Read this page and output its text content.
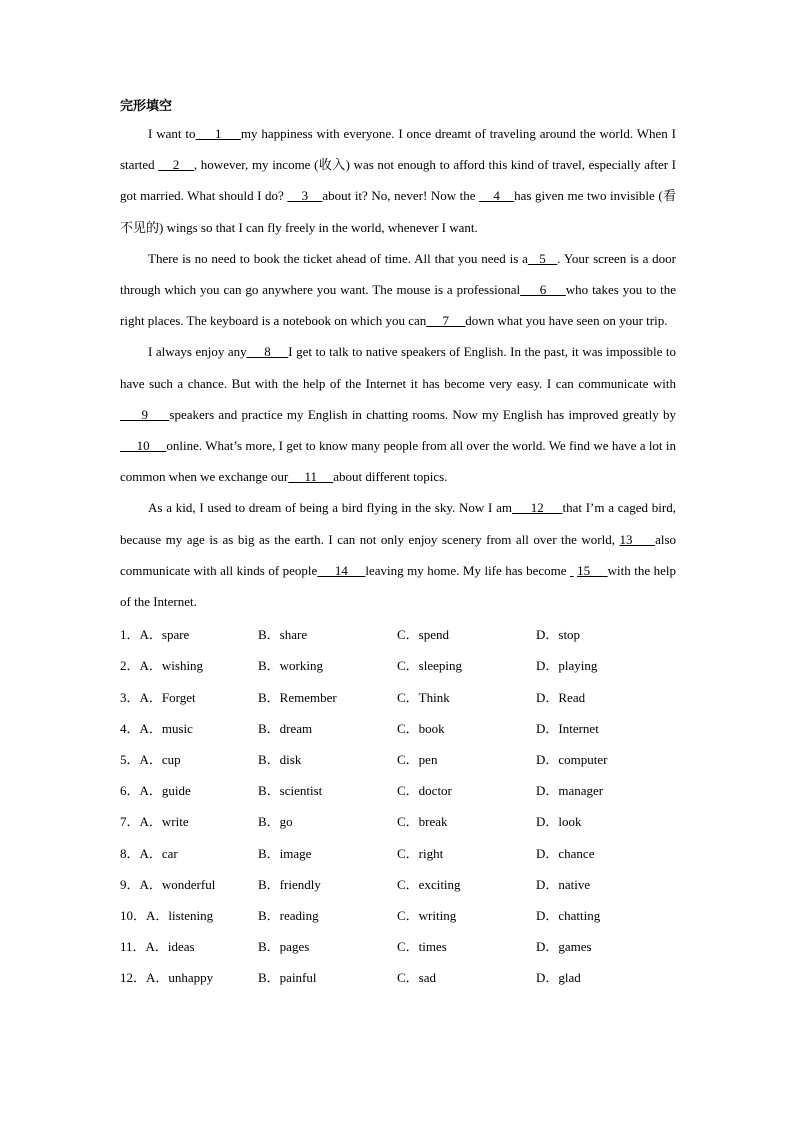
完形填空
I want to     1     my happiness with everyone. I once dreamt of traveling around the world. When I started     2    , however, my income (收入) was not enough to afford this kind of travel, especially after I got married. What should I do?     3    about it? No, never! Now the     4    has given me two invisible (看不见的) wings so that I can fly freely in the world, whenever I want.
There is no need to book the ticket ahead of time. All that you need is a   5   . Your screen is a door through which you can go anywhere you want. The mouse is a professional     6     who takes you to the right places. The keyboard is a notebook on which you can     7     down what you have seen on your trip.
I always enjoy any     8     I get to talk to native speakers of English. In the past, it was impossible to have such a chance. But with the help of the Internet it has become very easy. I can communicate with     9     speakers and practice my English in chatting rooms. Now my English has improved greatly by     10     online. What’s more, I get to know many people from all over the world. We find we have a lot in common when we exchange our     11     about different topics.
As a kid, I used to dream of being a bird flying in the sky. Now I am     12     that I’m a caged bird, because my age is as big as the earth. I can not only enjoy scenery from all over the world, 13     also communicate with all kinds of people     14     leaving my home. My life has become   15     with the help of the Internet.
1．A．spare	B．share	C．spend	D．stop
2．A．wishing	B．working	C．sleeping	D．playing
3．A．Forget	B．Remember	C．Think	D．Read
4．A．music	B．dream	C．book	D．Internet
5．A．cup	B．disk	C．pen	D．computer
6．A．guide	B．scientist	C．doctor	D．manager
7．A．write	B．go	C．break	D．look
8．A．car	B．image	C．right	D．chance
9．A．wonderful	B．friendly	C．exciting	D．native
10．A．listening	B．reading	C．writing	D．chatting
11．A．ideas	B．pages	C．times	D．games
12．A．unhappy	B．painful	C．sad	D．glad
